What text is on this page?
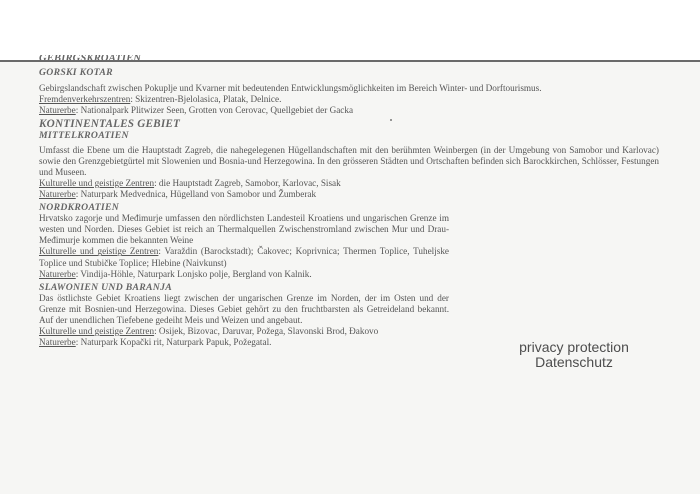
GORSKI KOTAR

Gebirgslandschaft zwischen Pokuplje und Kvarner mit bedeutenden Entwicklungsmöglichkeiten im Bereich Winter- und Dorftourismus.

Fremdenverkehrszentren: Skizentren-Bjelolasica, Platak, Delnice.

Naturerbe: Nationalpark Plitwizer Seen, Grotten von Cerovac, Quellgebiet der Gacka

KONTINENTALES GEBIET
MITTELKROATIEN

Umfasst die Ebene um die Hauptstadt Zagreb, die nahegelegenen Hügellandschaften mit den berühmten Weinbergen (in der Umgebung von Samobor und Karlovac) sowie den Grenzgebietgürtel mit Slowenien und Bosnia-und Herzegowina. In den grösseren Städten und Ortschaften befinden sich Barockkirchen, Schlösser, Festungen und Museen.

Kulturelle und geistige Zentren: die Hauptstadt Zagreb, Samobor, Karlovac, Sisak

Naturerbe: Naturpark Medvednica, Hügelland von Samobor und Žumberak

NORDKROATIEN

Hrvatsko zagorje und Međimurje umfassen den nördlichsten Landesteil Kroatiens und ungarischen Grenze im westen und Norden. Dieses Gebiet ist reich an Thermalquellen Zwischenstromland zwischen Mur und Drau-Međimurje kommen die bekannten Weine

Kulturelle und geistige Zentren: Varaždin (Barockstadt); Čakovec; Koprivnica; Thermen Toplice, Tuheljske Toplice und Stubičke Toplice; Hlebine (Naivkunst)

Naturerbe: Vindija-Höhle, Naturpark Lonjsko polje, Bergland von Kalnik.

SLAWONIEN UND BARANJA

Das östlichste Gebiet Kroatiens liegt zwischen der ungarischen Grenze im Norden, der im Osten und der Grenze mit Bosnien-und Herzegowina. Dieses Gebiet gehört zu den fruchtbarsten als Getreideland bekannt. Auf der unendlichen Tiefebene gedeiht Meis und Weizen und angebaut.

Kulturelle und geistige Zentren: Osijek, Bizovac, Daruvar, Požega, Slavonski Brod, Đakovo

Naturerbe: Naturpark Kopački rit, Naturpark Papuk, Požegatal.	privacy protection
Datenschutz
